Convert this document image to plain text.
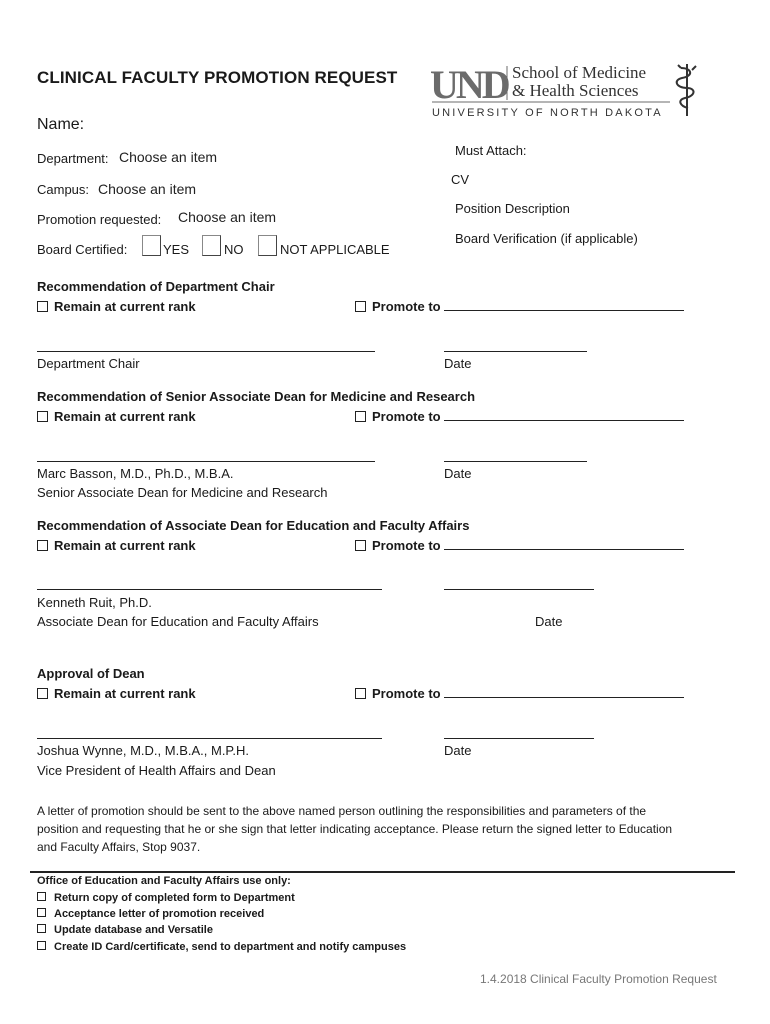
CLINICAL FACULTY PROMOTION REQUEST UND School of Medicine
& Health Sciences
UNIVERSITY OF NORTH DAKOTA
Name:
Department: Choose an item
Campus: Choose an item
Promotion requested: Choose an item
Board Certified:	YES	NO	NOT APPLICABLE
Must Attach:
CV
Position Description
Board Verification (if applicable)
Recommendation of Department Chair
Remain at current rank	Promote to
Department Chair	Date
Recommendation of Senior Associate Dean for Medicine and Research
Remain at current rank	Promote to
Marc Basson, M.D., Ph.D., M.B.A.	Date
Senior Associate Dean for Medicine and Research
Recommendation of Associate Dean for Education and Faculty Affairs
Remain at current rank	Promote to
Kenneth Ruit, Ph.D.
Associate Dean for Education and Faculty Affairs	Date
Approval of Dean
Remain at current rank	Promote to
Joshua Wynne, M.D., M.B.A., M.P.H.	Date
Vice President of Health Affairs and Dean
A letter of promotion should be sent to the above named person outlining the responsibilities and parameters of the
position and requesting that he or she sign that letter indicating acceptance. Please return the signed letter to Education
and Faculty Affairs, Stop 9037.
Office of Education and Faculty Affairs use only:
Return copy of completed form to Department
Acceptance letter of promotion received
Update database and Versatile
Create ID Card/certificate, send to department and notify campuses
1.4.2018 Clinical Faculty Promotion Request
